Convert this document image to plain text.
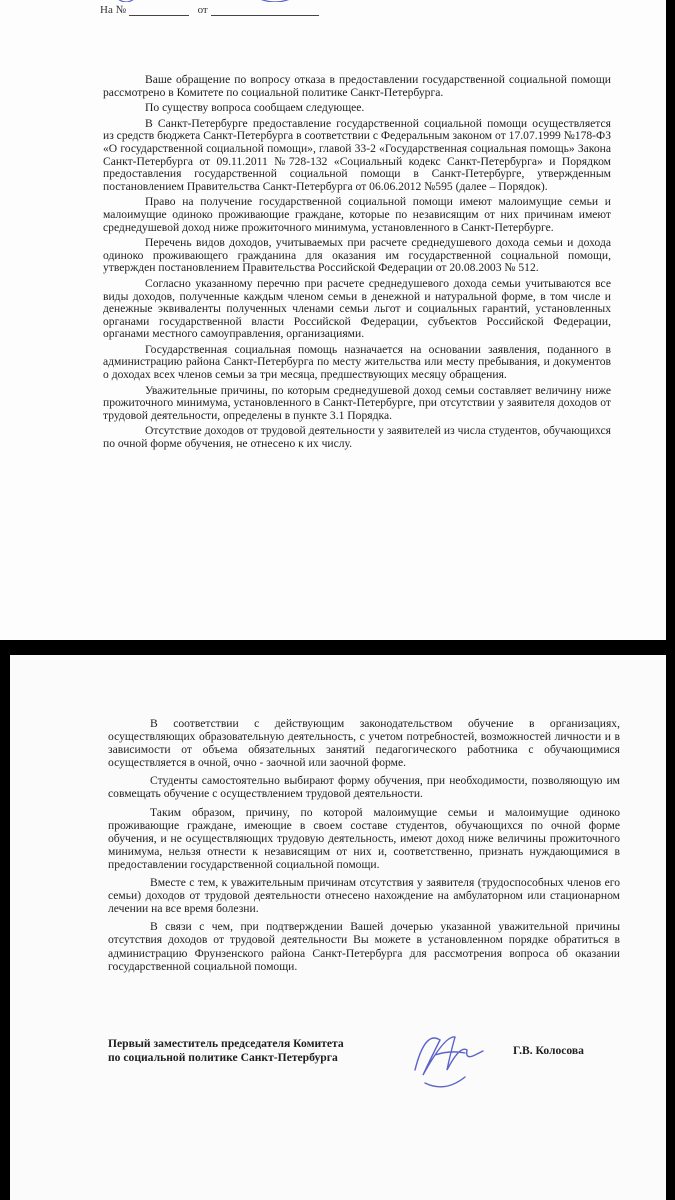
На №	от

Ваше обращение по вопросу отказа в предоставлении государственной социальной помощи рассмотрено в Комитете по социальной политике Санкт-Петербурга.

По существу вопроса сообщаем следующее.

В Санкт-Петербурге предоставление государственной социальной помощи осуществляется из средств бюджета Санкт-Петербурга в соответствии с Федеральным законом от 17.07.1999 №178-ФЗ «О государственной социальной помощи», главой 33-2 «Государственная социальная помощь» Закона Санкт-Петербурга от 09.11.2011 №728-132 «Социальный кодекс Санкт-Петербурга» и Порядком предоставления государственной социальной помощи в Санкт-Петербурге, утвержденным постановлением Правительства Санкт-Петербурга от 06.06.2012 №595 (далее – Порядок).

Право на получение государственной социальной помощи имеют малоимущие семьи и малоимущие одиноко проживающие граждане, которые по независящим от них причинам имеют среднедушевой доход ниже прожиточного минимума, установленного в Санкт-Петербурге.

Перечень видов доходов, учитываемых при расчете среднедушевого дохода семьи и дохода одиноко проживающего гражданина для оказания им государственной социальной помощи, утвержден постановлением Правительства Российской Федерации от 20.08.2003 № 512.

Согласно указанному перечню при расчете среднедушевого дохода семьи учитываются все виды доходов, полученные каждым членом семьи в денежной и натуральной форме, в том числе и денежные эквиваленты полученных членами семьи льгот и социальных гарантий, установленных органами государственной власти Российской Федерации, субъектов Российской Федерации, органами местного самоуправления, организациями.

Государственная социальная помощь назначается на основании заявления, поданного в администрацию района Санкт-Петербурга по месту жительства или месту пребывания, и документов о доходах всех членов семьи за три месяца, предшествующих месяцу обращения.

Уважительные причины, по которым среднедушевой доход семьи составляет величину ниже прожиточного минимума, установленного в Санкт-Петербурге, при отсутствии у заявителя доходов от трудовой деятельности, определены в пункте 3.1 Порядка.

Отсутствие доходов от трудовой деятельности у заявителей из числа студентов, обучающихся по очной форме обучения, не отнесено к их числу.

В соответствии с действующим законодательством обучение в организациях, осуществляющих образовательную деятельность, с учетом потребностей, возможностей личности и в зависимости от объема обязательных занятий педагогического работника с обучающимися осуществляется в очной, очно - заочной или заочной форме.

Студенты самостоятельно выбирают форму обучения, при необходимости, позволяющую им совмещать обучение с осуществлением трудовой деятельности.

Таким образом, причину, по которой малоимущие семьи и малоимущие одиноко проживающие граждане, имеющие в своем составе студентов, обучающихся по очной форме обучения, и не осуществляющих трудовую деятельность, имеют доход ниже величины прожиточного минимума, нельзя отнести к независящим от них и, соответственно, признать нуждающимися в предоставлении государственной социальной помощи.

Вместе с тем, к уважительным причинам отсутствия у заявителя (трудоспособных членов его семьи) доходов от трудовой деятельности отнесено нахождение на амбулаторном или стационарном лечении на все время болезни.

В связи с чем, при подтверждении Вашей дочерью указанной уважительной причины отсутствия доходов от трудовой деятельности Вы можете в установленном порядке обратиться в администрацию Фрунзенского района Санкт-Петербурга для рассмотрения вопроса об оказании государственной социальной помощи.

Первый заместитель председателя Комитета
по социальной политике Санкт-Петербурга
Г.В. Колосова
